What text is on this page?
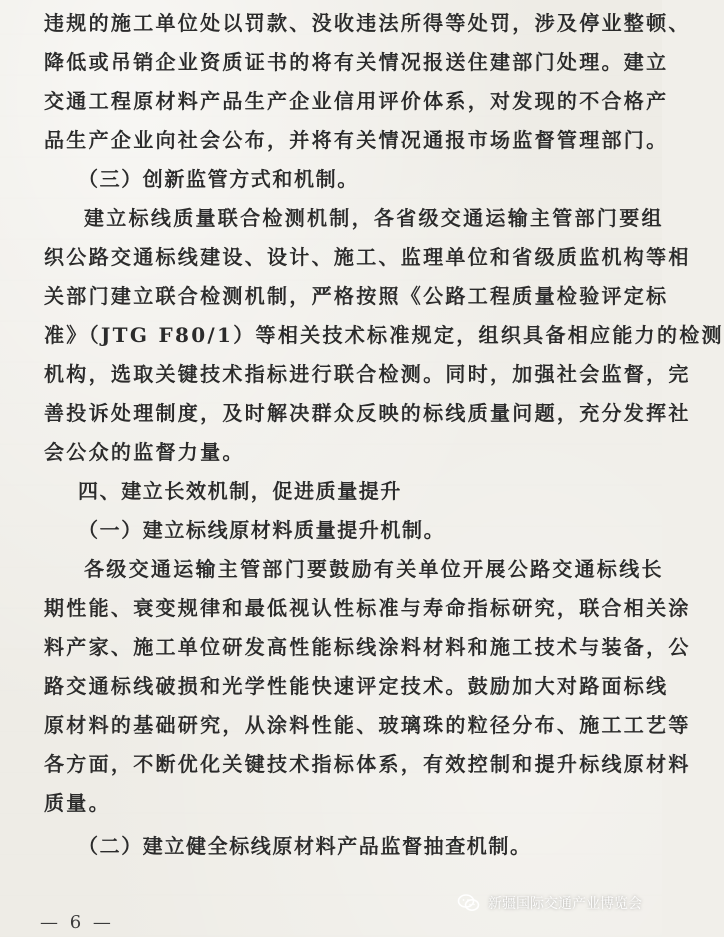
违规的施工单位处以罚款、没收违法所得等处罚，涉及停业整顿、
降低或吊销企业资质证书的将有关情况报送住建部门处理。建立
交通工程原材料产品生产企业信用评价体系，对发现的不合格产
品生产企业向社会公布，并将有关情况通报市场监督管理部门。
（三）创新监管方式和机制。
建立标线质量联合检测机制，各省级交通运输主管部门要组
织公路交通标线建设、设计、施工、监理单位和省级质监机构等相
关部门建立联合检测机制，严格按照《公路工程质量检验评定标
准》（JTG F80/1）等相关技术标准规定，组织具备相应能力的检测
机构，选取关键技术指标进行联合检测。同时，加强社会监督，完
善投诉处理制度，及时解决群众反映的标线质量问题，充分发挥社
会公众的监督力量。
四、建立长效机制，促进质量提升
（一）建立标线原材料质量提升机制。
各级交通运输主管部门要鼓励有关单位开展公路交通标线长
期性能、衰变规律和最低视认性标准与寿命指标研究，联合相关涂
料产家、施工单位研发高性能标线涂料材料和施工技术与装备，公
路交通标线破损和光学性能快速评定技术。鼓励加大对路面标线
原材料的基础研究，从涂料性能、玻璃珠的粒径分布、施工工艺等
各方面，不断优化关键技术指标体系，有效控制和提升标线原材料
质量。
（二）建立健全标线原材料产品监督抽查机制。
— 6 —
新疆国际交通产业博览会
